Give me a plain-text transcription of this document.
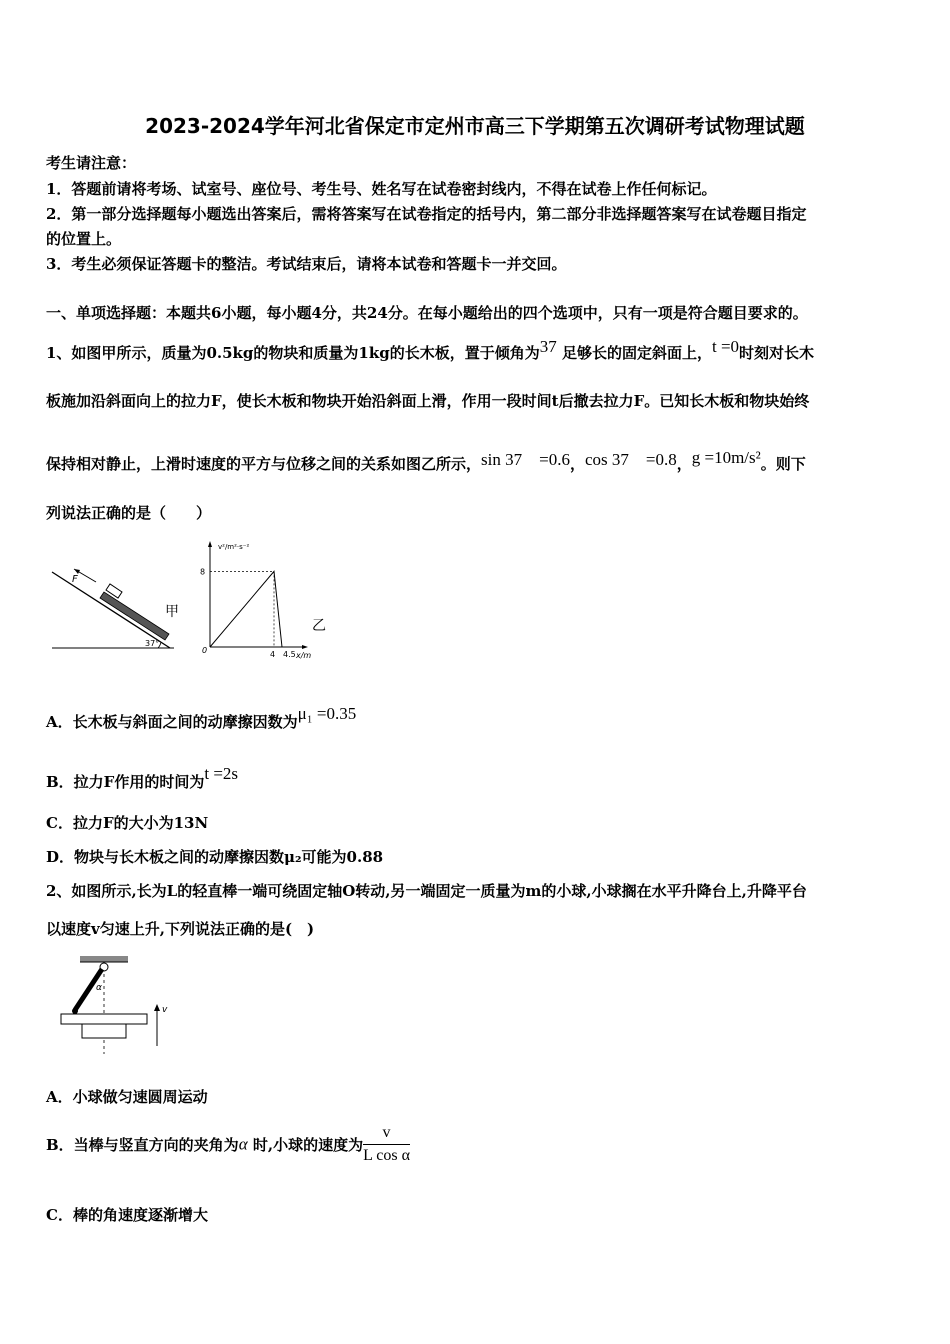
2023-2024学年河北省保定市定州市高三下学期第五次调研考试物理试题
考生请注意：
1．答题前请将考场、试室号、座位号、考生号、姓名写在试卷密封线内，不得在试卷上作任何标记。
2．第一部分选择题每小题选出答案后，需将答案写在试卷指定的括号内，第二部分非选择题答案写在试卷题目指定
的位置上。
3．考生必须保证答题卡的整洁。考试结束后，请将本试卷和答题卡一并交回。
一、单项选择题：本题共6小题，每小题4分，共24分。在每小题给出的四个选项中，只有一项是符合题目要求的。
1、如图甲所示，质量为0.5kg的物块和质量为1kg的长木板，置于倾角为37 足够长的固定斜面上，t =0时刻对长木
板施加沿斜面向上的拉力F，使长木板和物块开始沿斜面上滑，作用一段时间t后撤去拉力F。已知长木板和物块始终
保持相对静止，上滑时速度的平方与位移之间的关系如图乙所示，sin 37　=0.6，cos 37　=0.8，g =10m/s²。则下
列说法正确的是（　　）
F
37°
甲
8
4 4.5
v²/m²·s⁻²
x/m
0
乙
A．长木板与斜面之间的动摩擦因数为μ₁ =0.35
B．拉力F作用的时间为t =2s
C．拉力F的大小为13N
D．物块与长木板之间的动摩擦因数μ₂可能为0.88
2、如图所示,长为L的轻直棒一端可绕固定轴O转动,另一端固定一质量为m的小球,小球搁在水平升降台上,升降平台
以速度v匀速上升,下列说法正确的是(　)
α
v
A．小球做匀速圆周运动
B．当棒与竖直方向的夹角为α 时,小球的速度为 $\frac{v}{\text{L cos α}}$
C．棒的角速度逐渐增大
